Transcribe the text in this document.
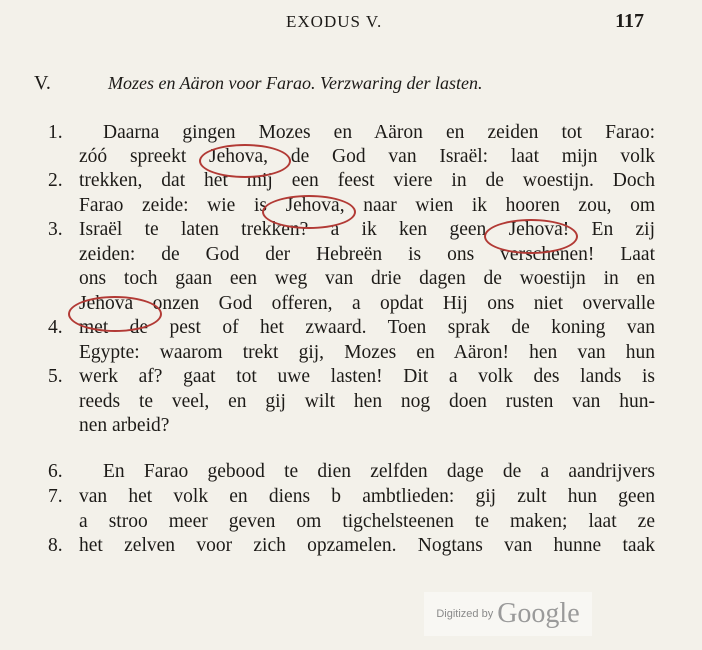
EXODUS V.	117
V.	Mozes en Aäron voor Farao. Verzwaring der lasten.
1.	Daarna gingen Mozes en Aäron en zeiden tot Farao:
zóó spreekt Jehova, de God van Israël: laat mijn volk
2. trekken, dat het mij een feest viere in de woestijn. Doch
Farao zeide: wie is Jehova, naar wien ik hooren zou, om
3. Israël te laten trekken? a ik ken geen Jehova! En zij
zeiden: de God der Hebreën is ons verschenen! Laat
ons toch gaan een weg van drie dagen de woestijn in en
Jehova onzen God offeren, a opdat Hij ons niet overvalle
4. met de pest of het zwaard. Toen sprak de koning van
Egypte: waarom trekt gij, Mozes en Aäron! hen van hun
5. werk af? gaat tot uwe lasten! Dit a volk des lands is
reeds te veel, en gij wilt hen nog doen rusten van hun-
nen arbeid?
6.	En Farao gebood te dien zelfden dage de a aandrijvers
7. van het volk en diens b ambtlieden: gij zult hun geen
a stroo meer geven om tigchelsteenen te maken; laat ze
8. het zelven voor zich opzamelen. Nogtans van hunne taak
Digitized by Google
